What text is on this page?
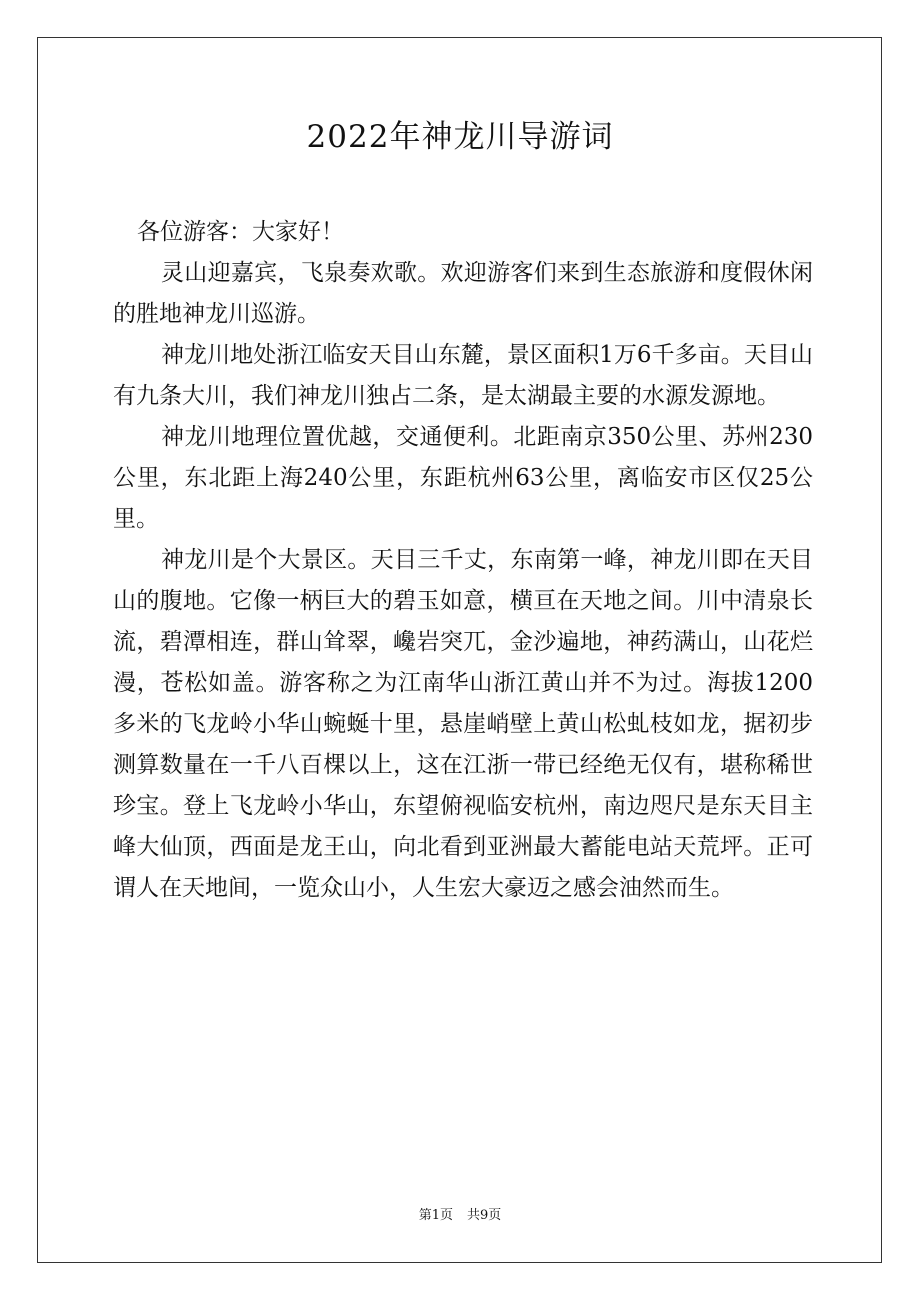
2022年神龙川导游词

各位游客：大家好！

灵山迎嘉宾，飞泉奏欢歌。欢迎游客们来到生态旅游和度假休闲的胜地神龙川巡游。

神龙川地处浙江临安天目山东麓，景区面积1万6千多亩。天目山有九条大川，我们神龙川独占二条，是太湖最主要的水源发源地。

神龙川地理位置优越，交通便利。北距南京350公里、苏州230公里，东北距上海240公里，东距杭州63公里，离临安市区仅25公里。

神龙川是个大景区。天目三千丈，东南第一峰，神龙川即在天目山的腹地。它像一柄巨大的碧玉如意，横亘在天地之间。川中清泉长流，碧潭相连，群山耸翠，巉岩突兀，金沙遍地，神药满山，山花烂漫，苍松如盖。游客称之为江南华山浙江黄山并不为过。海拔1200多米的飞龙岭小华山蜿蜒十里，悬崖峭壁上黄山松虬枝如龙，据初步测算数量在一千八百棵以上，这在江浙一带已经绝无仅有，堪称稀世珍宝。登上飞龙岭小华山，东望俯视临安杭州，南边咫尺是东天目主峰大仙顶，西面是龙王山，向北看到亚洲最大蓄能电站天荒坪。正可谓人在天地间，一览众山小，人生宏大豪迈之感会油然而生。

第1页 共9页
